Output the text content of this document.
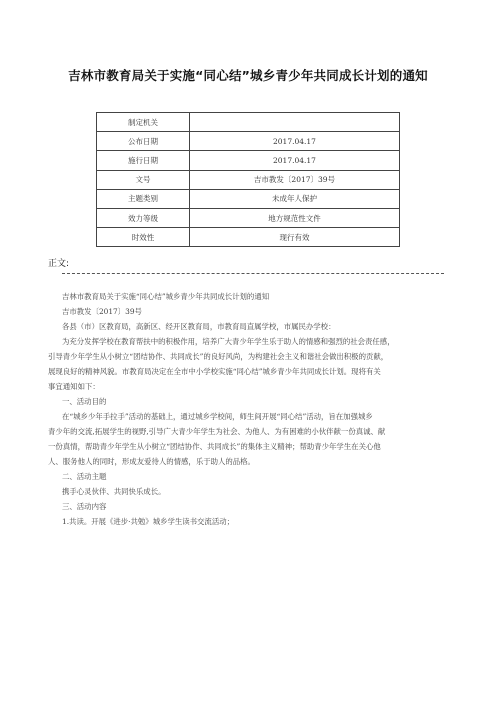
吉林市教育局关于实施“同心结”城乡青少年共同成长计划的通知
制定机关	
公布日期	2017.04.17
施行日期	2017.04.17
文号	吉市教发〔2017〕39号
主题类别	未成年人保护
效力等级	地方规范性文件
时效性	现行有效
正文:

吉林市教育局关于实施“同心结”城乡青少年共同成长计划的通知

吉市教发〔2017〕39号

各县（市）区教育局，高新区、经开区教育局，市教育局直属学校，市属民办学校：

为充分发挥学校在教育帮扶中的积极作用，培养广大青少年学生乐于助人的情感和强烈的社会责任感，

引导青少年学生从小树立“团结协作、共同成长”的良好风尚，为构建社会主义和谐社会做出积极的贡献，

展现良好的精神风貌。市教育局决定在全市中小学校实施“同心结”城乡青少年共同成长计划。现将有关

事宜通知如下：

一、活动目的

在“城乡少年手拉手”活动的基础上，通过城乡学校间，师生间开展“同心结”活动，旨在加强城乡

青少年的交流,拓展学生的视野,引导广大青少年学生为社会、为他人、为有困难的小伙伴献一份真诚、献

一份真情，帮助青少年学生从小树立“团结协作、共同成长”的集体主义精神；帮助青少年学生在关心他

人、服务他人的同时，形成友爱待人的情感，乐于助人的品格。

二、活动主题

携手心灵伙伴、共同快乐成长。

三、活动内容

1.共读。开展《进步·共勉》城乡学生读书交流活动；
